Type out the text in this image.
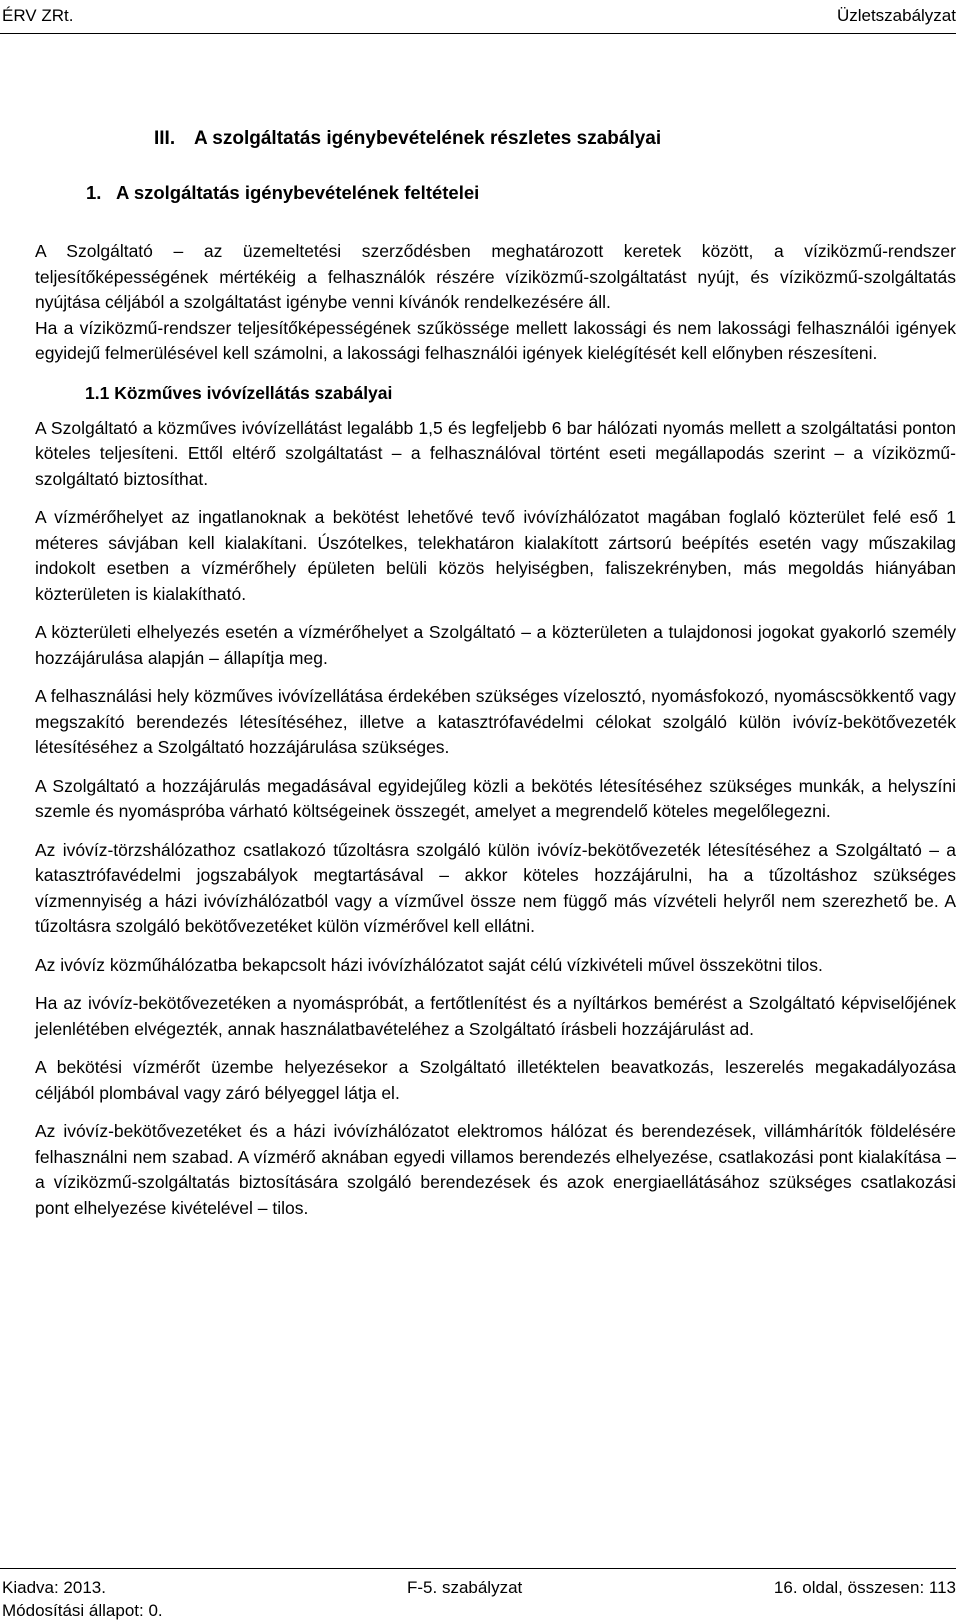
ÉRV ZRt.	Üzletszabályzat
III. A szolgáltatás igénybevételének részletes szabályai
1. A szolgáltatás igénybevételének feltételei

A Szolgáltató – az üzemeltetési szerződésben meghatározott keretek között, a víziközmű-rendszer teljesítőképességének mértékéig a felhasználók részére víziközmű-szolgáltatást nyújt, és víziközmű-szolgáltatás nyújtása céljából a szolgáltatást igénybe venni kívánók rendelkezésére áll.

Ha a víziközmű-rendszer teljesítőképességének szűkössége mellett lakossági és nem lakossági felhasználói igények egyidejű felmerülésével kell számolni, a lakossági felhasználói igények kielégítését kell előnyben részesíteni.

1.1 Közműves ivóvízellátás szabályai

A Szolgáltató a közműves ivóvízellátást legalább 1,5 és legfeljebb 6 bar hálózati nyomás mellett a szolgáltatási ponton köteles teljesíteni. Ettől eltérő szolgáltatást – a felhasználóval történt eseti megállapodás szerint – a víziközmű-szolgáltató biztosíthat.

A vízmérőhelyet az ingatlanoknak a bekötést lehetővé tevő ivóvízhálózatot magában foglaló közterület felé eső 1 méteres sávjában kell kialakítani. Úszótelkes, telekhatáron kialakított zártsorú beépítés esetén vagy műszakilag indokolt esetben a vízmérőhely épületen belüli közös helyiségben, faliszekrényben, más megoldás hiányában közterületen is kialakítható.

A közterületi elhelyezés esetén a vízmérőhelyet a Szolgáltató – a közterületen a tulajdonosi jogokat gyakorló személy hozzájárulása alapján – állapítja meg.

A felhasználási hely közműves ivóvízellátása érdekében szükséges vízelosztó, nyomásfokozó, nyomáscsökkentő vagy megszakító berendezés létesítéséhez, illetve a katasztrófavédelmi célokat szolgáló külön ivóvíz-bekötővezeték létesítéséhez a Szolgáltató hozzájárulása szükséges.

A Szolgáltató a hozzájárulás megadásával egyidejűleg közli a bekötés létesítéséhez szükséges munkák, a helyszíni szemle és nyomáspróba várható költségeinek összegét, amelyet a megrendelő köteles megelőlegezni.

Az ivóvíz-törzshálózathoz csatlakozó tűzoltásra szolgáló külön ivóvíz-bekötővezeték létesítéséhez a Szolgáltató – a katasztrófavédelmi jogszabályok megtartásával – akkor köteles hozzájárulni, ha a tűzoltáshoz szükséges vízmennyiség a házi ivóvízhálózatból vagy a vízművel össze nem függő más vízvételi helyről nem szerezhető be. A tűzoltásra szolgáló bekötővezetéket külön vízmérővel kell ellátni.

Az ivóvíz közműhálózatba bekapcsolt házi ivóvízhálózatot saját célú vízkivételi művel összekötni tilos.

Ha az ivóvíz-bekötővezetéken a nyomáspróbát, a fertőtlenítést és a nyíltárkos bemérést a Szolgáltató képviselőjének jelenlétében elvégezték, annak használatbavételéhez a Szolgáltató írásbeli hozzájárulást ad.

A bekötési vízmérőt üzembe helyezésekor a Szolgáltató illetéktelen beavatkozás, leszerelés megakadályozása céljából plombával vagy záró bélyeggel látja el.

Az ivóvíz-bekötővezetéket és a házi ivóvízhálózatot elektromos hálózat és berendezések, villámhárítók földelésére felhasználni nem szabad. A vízmérő aknában egyedi villamos berendezés elhelyezése, csatlakozási pont kialakítása – a víziközmű-szolgáltatás biztosítására szolgáló berendezések és azok energiaellátásához szükséges csatlakozási pont elhelyezése kivételével – tilos.

Kiadva: 2013.	F-5. szabályzat	16. oldal, összesen: 113
Módosítási állapot: 0.
